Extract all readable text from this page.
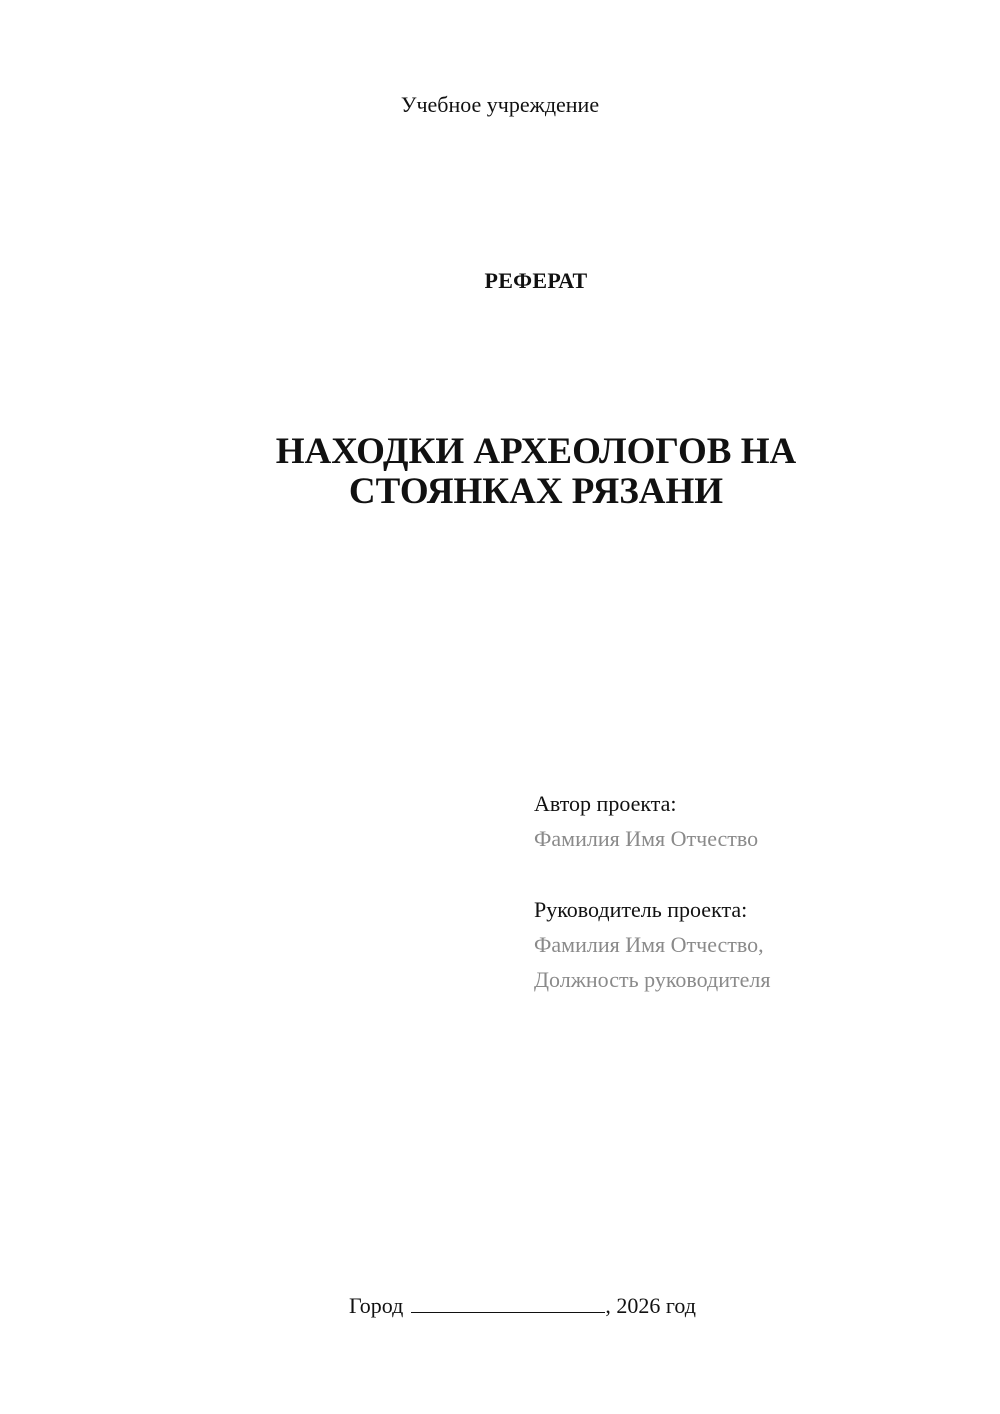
Учебное учреждение
РЕФЕРАТ
НАХОДКИ АРХЕОЛОГОВ НА
СТОЯНКАХ РЯЗАНИ
Автор проекта:
Фамилия Имя Отчество
Руководитель проекта:
Фамилия Имя Отчество,
Должность руководителя
Город	, 2026 год
